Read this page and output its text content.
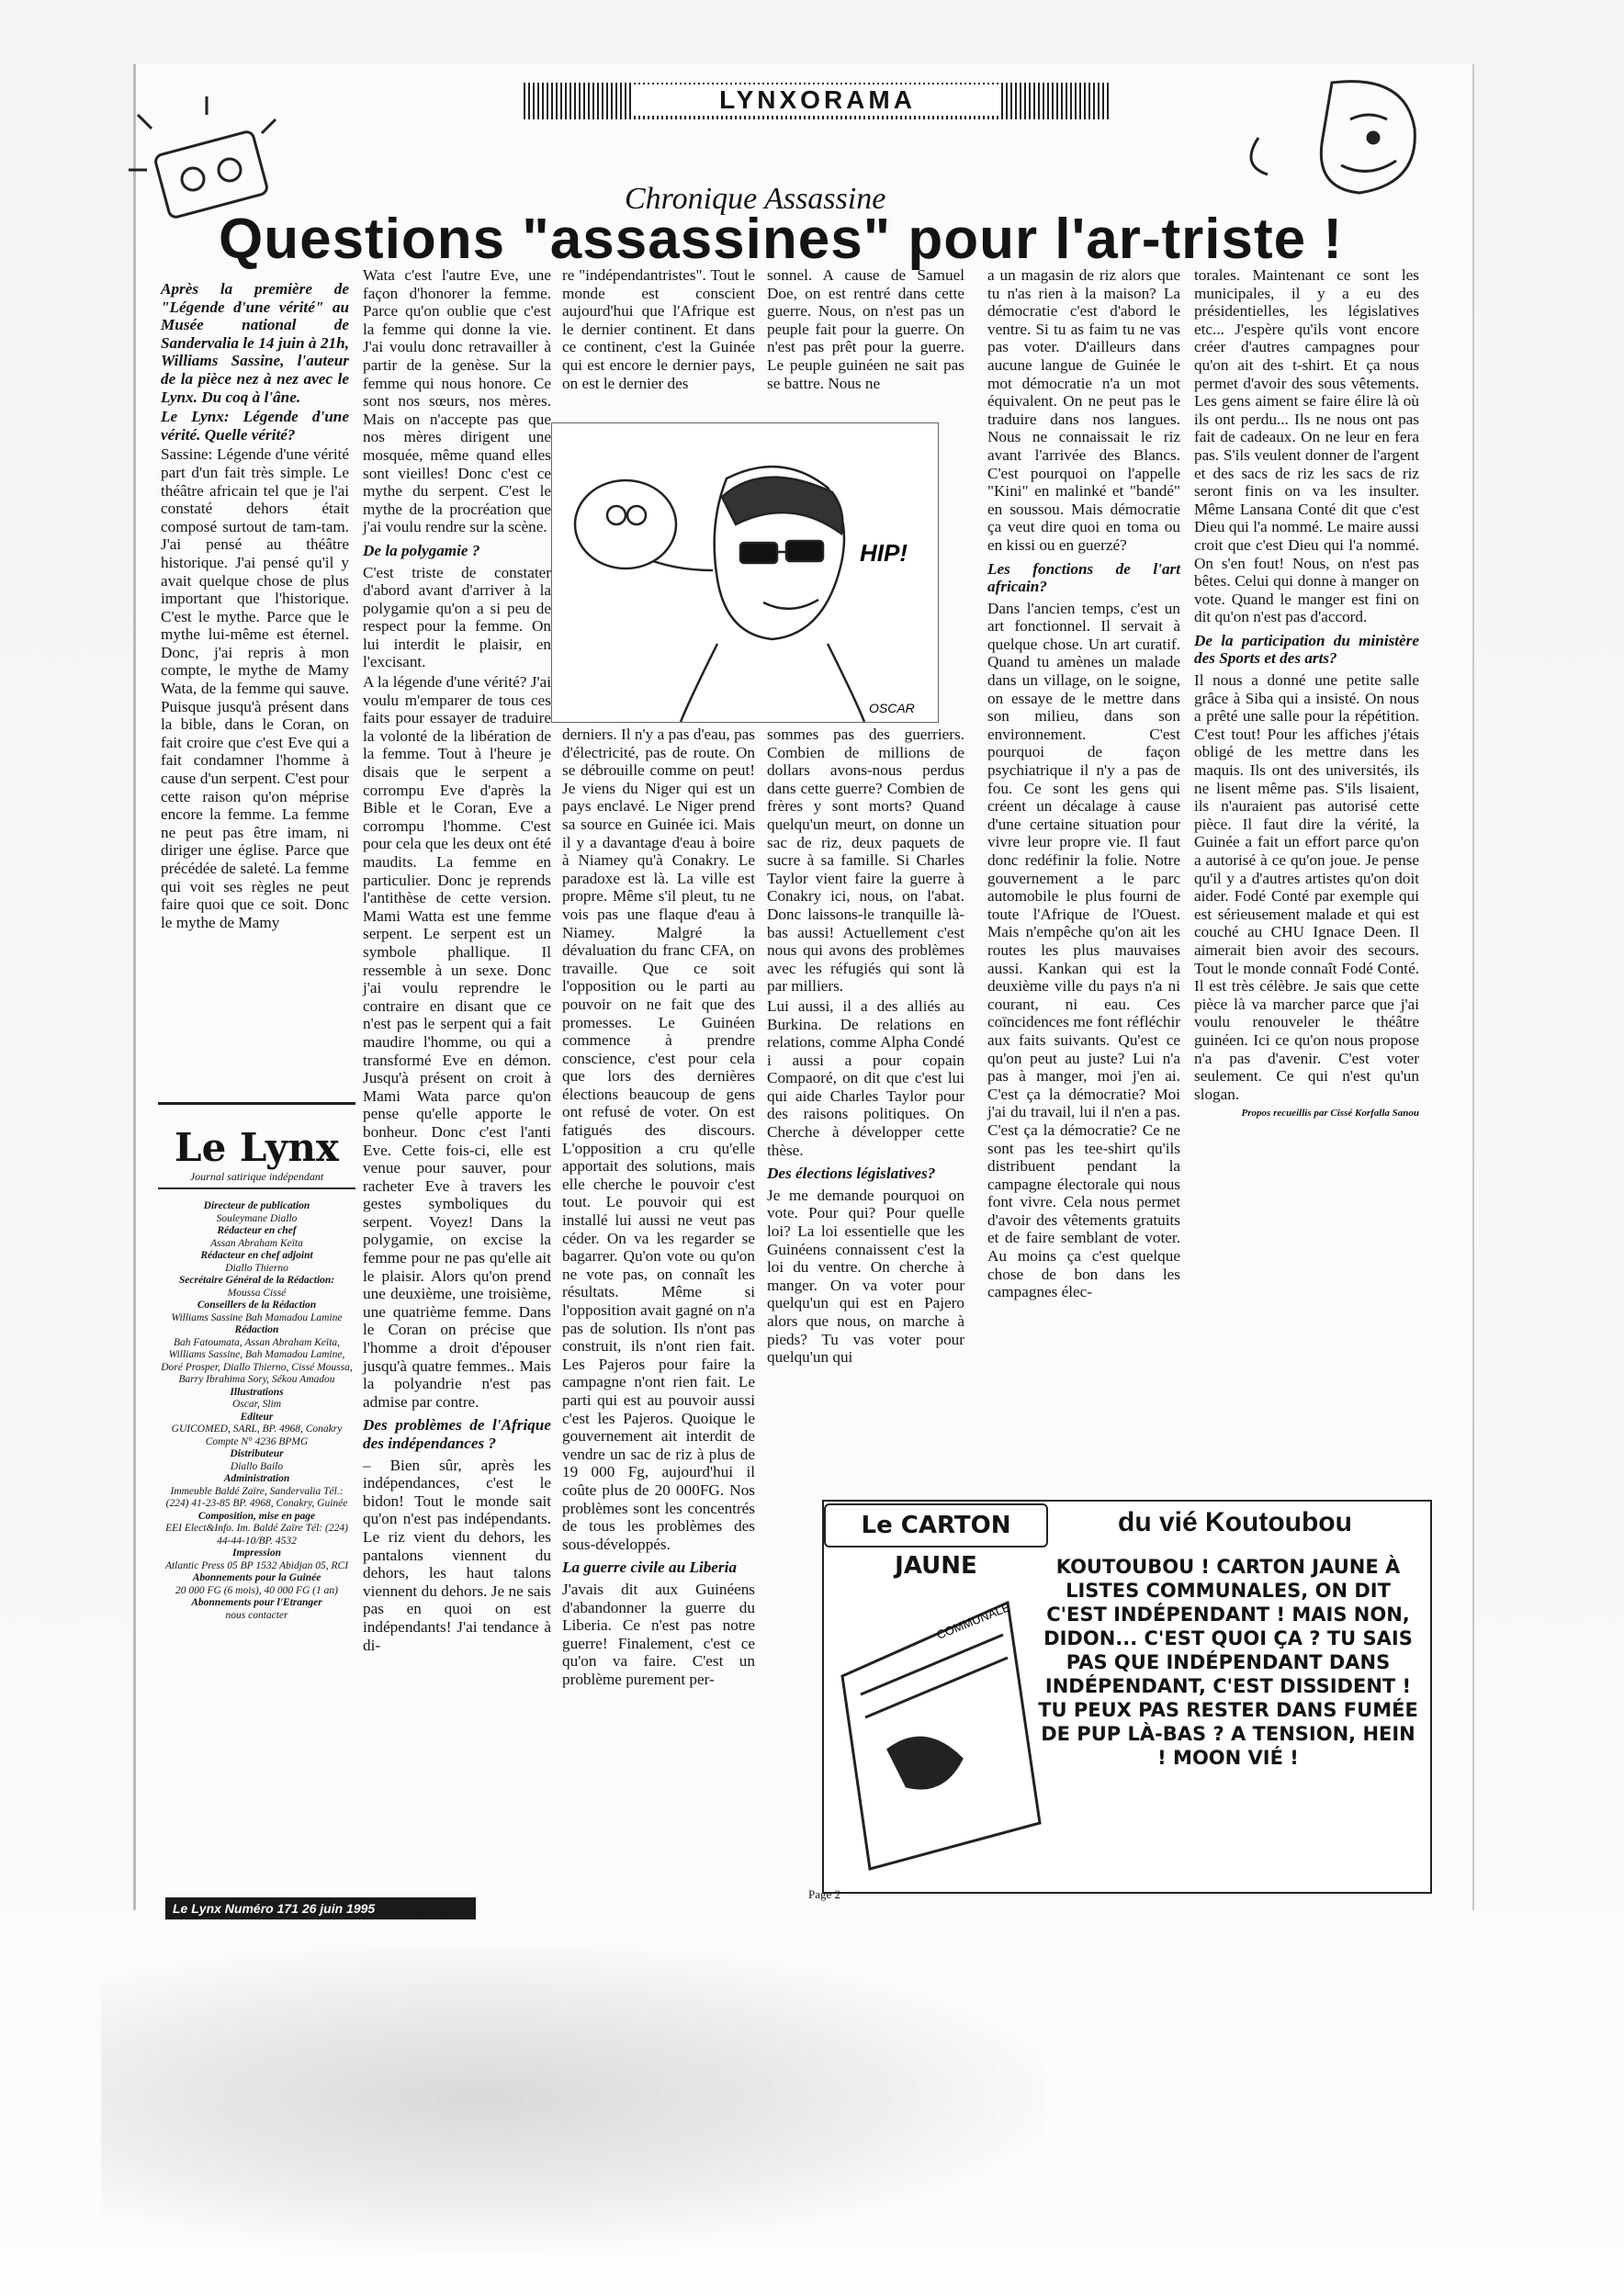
LYNXORAMA
Chronique Assassine
Questions "assassines" pour l'ar-triste !

Après la première de "Légende d'une vérité" au Musée national de Sandervalia le 14 juin à 21h, Williams Sassine, l'auteur de la pièce nez à nez avec le Lynx. Du coq à l'âne.

Le Lynx: Légende d'une vérité. Quelle vérité?

Sassine: Légende d'une vérité part d'un fait très simple. Le théâtre africain tel que je l'ai constaté dehors était composé surtout de tam-tam. J'ai pensé au théâtre historique. J'ai pensé qu'il y avait quelque chose de plus important que l'historique. C'est le mythe. Parce que le mythe lui-même est éternel. Donc, j'ai repris à mon compte, le mythe de Mamy Wata, de la femme qui sauve. Puisque jusqu'à présent dans la bible, dans le Coran, on fait croire que c'est Eve qui a fait condamner l'homme à cause d'un serpent. C'est pour cette raison qu'on méprise encore la femme. La femme ne peut pas être imam, ni diriger une église. Parce que précédée de saleté. La femme qui voit ses règles ne peut faire quoi que ce soit. Donc le mythe de Mamy

Le Lynx
Journal satirique indépendant
Directeur de publication
Souleymane Diallo
Rédacteur en chef
Assan Abraham Keïta
Rédacteur en chef adjoint
Diallo Thierno
Secrétaire Général de la Rédaction:
Moussa Cissé
Conseillers de la Rédaction
Williams Sassine Bah Mamadou Lamine
Rédaction
Bah Fatoumata, Assan Abraham Keïta, Williams Sassine, Bah Mamadou Lamine, Doré Prosper, Diallo Thierno, Cissé Moussa, Barry Ibrahima Sory, Sékou Amadou
Illustrations
Oscar, Slim
Editeur
GUICOMED, SARL, BP. 4968, Conakry Compte N° 4236 BPMG
Distributeur
Diallo Bailo
Administration
Immeuble Baldé Zaïre, Sandervalia Tél.: (224) 41-23-85 BP. 4968, Conakry, Guinée
Composition, mise en page
EEI Elect&Info. Im. Baldé Zaïre Tél: (224) 44-44-10/BP. 4532
Impression
Atlantic Press 05 BP 1532 Abidjan 05, RCI
Abonnements pour la Guinée
20 000 FG (6 mois), 40 000 FG (1 an)
Abonnements pour l'Etranger
nous contacter

Wata c'est l'autre Eve, une façon d'honorer la femme. Parce qu'on oublie que c'est la femme qui donne la vie. J'ai voulu donc retravailler à partir de la genèse. Sur la femme qui nous honore. Ce sont nos sœurs, nos mères. Mais on n'accepte pas que nos mères dirigent une mosquée, même quand elles sont vieilles! Donc c'est ce mythe du serpent. C'est le mythe de la procréation que j'ai voulu rendre sur la scène.

De la polygamie ?

C'est triste de constater d'abord avant d'arriver à la polygamie qu'on a si peu de respect pour la femme. On lui interdit le plaisir, en l'excisant.

A la légende d'une vérité? J'ai voulu m'emparer de tous ces faits pour essayer de traduire la volonté de la libération de la femme. Tout à l'heure je disais que le serpent a corrompu Eve d'après la Bible et le Coran, Eve a corrompu l'homme. C'est pour cela que les deux ont été maudits. La femme en particulier. Donc je reprends l'antithèse de cette version. Mami Watta est une femme serpent. Le serpent est un symbole phallique. Il ressemble à un sexe. Donc j'ai voulu reprendre le contraire en disant que ce n'est pas le serpent qui a fait maudire l'homme, ou qui a transformé Eve en démon. Jusqu'à présent on croit à Mami Wata parce qu'on pense qu'elle apporte le bonheur. Donc c'est l'anti Eve. Cette fois-ci, elle est venue pour sauver, pour racheter Eve à travers les gestes symboliques du serpent. Voyez! Dans la polygamie, on excise la femme pour ne pas qu'elle ait le plaisir. Alors qu'on prend une deuxième, une troisième, une quatrième femme. Dans le Coran on précise que l'homme a droit d'épouser jusqu'à quatre femmes.. Mais la polyandrie n'est pas admise par contre.

Des problèmes de l'Afrique des indépendances ?

– Bien sûr, après les indépendances, c'est le bidon! Tout le monde sait qu'on n'est pas indépendants. Le riz vient du dehors, les pantalons viennent du dehors, les haut talons viennent du dehors. Je ne sais pas en quoi on est indépendants! J'ai tendance à di-

re "indépendantristes". Tout le monde est conscient aujourd'hui que l'Afrique est le dernier continent. Et dans ce continent, c'est la Guinée qui est encore le dernier pays, on est le dernier des

derniers. Il n'y a pas d'eau, pas d'électricité, pas de route. On se débrouille comme on peut! Je viens du Niger qui est un pays enclavé. Le Niger prend sa source en Guinée ici. Mais il y a davantage d'eau à boire à Niamey qu'à Conakry. Le paradoxe est là. La ville est propre. Même s'il pleut, tu ne vois pas une flaque d'eau à Niamey. Malgré la dévaluation du franc CFA, on travaille. Que ce soit l'opposition ou le parti au pouvoir on ne fait que des promesses. Le Guinéen commence à prendre conscience, c'est pour cela que lors des dernières élections beaucoup de gens ont refusé de voter. On est fatigués des discours. L'opposition a cru qu'elle apportait des solutions, mais elle cherche le pouvoir c'est tout. Le pouvoir qui est installé lui aussi ne veut pas céder. On va les regarder se bagarrer. Qu'on vote ou qu'on ne vote pas, on connaît les résultats. Même si l'opposition avait gagné on n'a pas de solution. Ils n'ont pas construit, ils n'ont rien fait. Les Pajeros pour faire la campagne n'ont rien fait. Le parti qui est au pouvoir aussi c'est les Pajeros. Quoique le gouvernement ait interdit de vendre un sac de riz à plus de 19 000 Fg, aujourd'hui il coûte plus de 20 000FG. Nos problèmes sont les concentrés de tous les problèmes des sous-développés.

La guerre civile au Liberia

J'avais dit aux Guinéens d'abandonner la guerre du Liberia. Ce n'est pas notre guerre! Finalement, c'est ce qu'on va faire. C'est un problème purement per-

sonnel. A cause de Samuel Doe, on est rentré dans cette guerre. Nous, on n'est pas un peuple fait pour la guerre. On n'est pas prêt pour la guerre. Le peuple guinéen ne sait pas se battre. Nous ne

sommes pas des guerriers. Combien de millions de dollars avons-nous perdus dans cette guerre? Combien de frères y sont morts? Quand quelqu'un meurt, on donne un sac de riz, deux paquets de sucre à sa famille. Si Charles Taylor vient faire la guerre à Conakry ici, nous, on l'abat. Donc laissons-le tranquille là-bas aussi! Actuellement c'est nous qui avons des problèmes avec les réfugiés qui sont là par milliers.

Lui aussi, il a des alliés au Burkina. De relations en relations, comme Alpha Condé i aussi a pour copain Compaoré, on dit que c'est lui qui aide Charles Taylor pour des raisons politiques. On Cherche à développer cette thèse.

Des élections législatives?

Je me demande pourquoi on vote. Pour qui? Pour quelle loi? La loi essentielle que les Guinéens connaissent c'est la loi du ventre. On cherche à manger. On va voter pour quelqu'un qui est en Pajero alors que nous, on marche à pieds? Tu vas voter pour quelqu'un qui

a un magasin de riz alors que tu n'as rien à la maison? La démocratie c'est d'abord le ventre. Si tu as faim tu ne vas pas voter. D'ailleurs dans aucune langue de Guinée le mot démocratie n'a un mot équivalent. On ne peut pas le traduire dans nos langues. Nous ne connaissait le riz avant l'arrivée des Blancs. C'est pourquoi on l'appelle "Kini" en malinké et "bandé" en soussou. Mais démocratie ça veut dire quoi en toma ou en kissi ou en guerzé?

Les fonctions de l'art africain?

Dans l'ancien temps, c'est un art fonctionnel. Il servait à quelque chose. Un art curatif. Quand tu amènes un malade dans un village, on le soigne, on essaye de le mettre dans son milieu, dans son environnement. C'est pourquoi de façon psychiatrique il n'y a pas de fou. Ce sont les gens qui créent un décalage à cause d'une certaine situation pour vivre leur propre vie. Il faut donc redéfinir la folie. Notre gouvernement a le parc automobile le plus fourni de toute l'Afrique de l'Ouest. Mais n'empêche qu'on ait les routes les plus mauvaises aussi. Kankan qui est la deuxième ville du pays n'a ni courant, ni eau. Ces coïncidences me font réfléchir aux faits suivants. Qu'est ce qu'on peut au juste? Lui n'a pas à manger, moi j'en ai. C'est ça la démocratie? Moi j'ai du travail, lui il n'en a pas. C'est ça la démocratie? Ce ne sont pas les tee-shirt qu'ils distribuent pendant la campagne électorale qui nous font vivre. Cela nous permet d'avoir des vêtements gratuits et de faire semblant de voter. Au moins ça c'est quelque chose de bon dans les campagnes élec-

torales. Maintenant ce sont les municipales, il y a eu des présidentielles, les législatives etc... J'espère qu'ils vont encore créer d'autres campagnes pour qu'on ait des t-shirt. Et ça nous permet d'avoir des sous vêtements. Les gens aiment se faire élire là où ils ont perdu... Ils ne nous ont pas fait de cadeaux. On ne leur en fera pas. S'ils veulent donner de l'argent et des sacs de riz les sacs de riz seront finis on va les insulter. Même Lansana Conté dit que c'est Dieu qui l'a nommé. Le maire aussi croit que c'est Dieu qui l'a nommé. On s'en fout! Nous, on n'est pas bêtes. Celui qui donne à manger on vote. Quand le manger est fini on dit qu'on n'est pas d'accord.

De la participation du ministère des Sports et des arts?

Il nous a donné une petite salle grâce à Siba qui a insisté. On nous a prêté une salle pour la répétition. C'est tout! Pour les affiches j'étais obligé de les mettre dans les maquis. Ils ont des universités, ils ne lisent même pas. S'ils lisaient, ils n'auraient pas autorisé cette pièce. Il faut dire la vérité, la Guinée a fait un effort parce qu'on a autorisé à ce qu'on joue. Je pense qu'il y a d'autres artistes qu'on doit aider. Fodé Conté par exemple qui est sérieusement malade et qui est couché au CHU Ignace Deen. Il aimerait bien avoir des secours. Tout le monde connaît Fodé Conté. Il est très célèbre. Je sais que cette pièce là va marcher parce que j'ai voulu renouveler le théâtre guinéen. Ici ce qu'on nous propose n'a pas d'avenir. C'est voter seulement. Ce qui n'est qu'un slogan.

Propos recueillis par Cissé Korfalla Sanou

HIP!
OSCAR
Le CARTON JAUNE
du vié Koutoubou
COMMUNALE
KOUTOUBOU ! CARTON JAUNE À LISTES COMMUNALES, ON DIT C'EST INDÉPENDANT ! MAIS NON, DIDON... C'EST QUOI ÇA ? TU SAIS PAS QUE INDÉPENDANT DANS INDÉPENDANT, C'EST DISSIDENT ! TU PEUX PAS RESTER DANS FUMÉE DE PUP LÀ-BAS ? A TENSION, HEIN ! MOON VIÉ !
Le Lynx Numéro 171 26 juin 1995
Page 2
